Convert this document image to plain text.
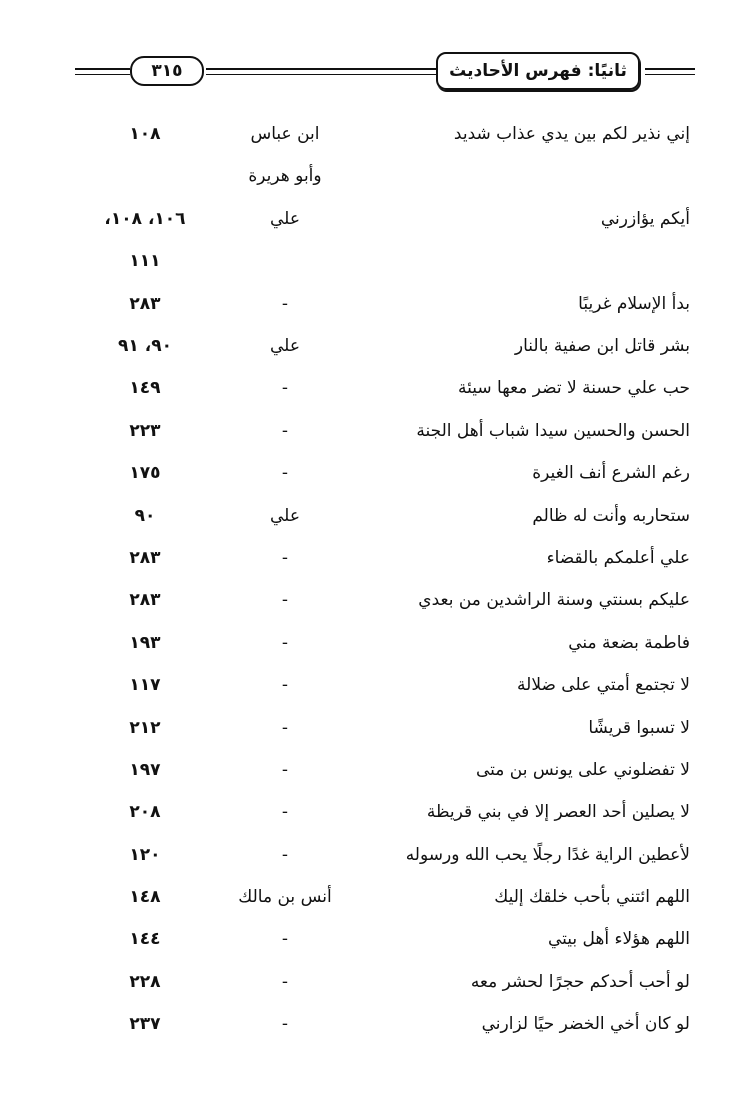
٣١٥	ثانيًا: فهرس الأحاديث
إني نذير لكم بين يدي عذاب شديد
ابن عباس
وأبو هريرة
١٠٨
أيكم يؤازرني
علي
١٠٦، ١٠٨،
١١١
بدأ الإسلام غريبًا
-
٢٨٣
بشر قاتل ابن صفية بالنار
علي
٩٠، ٩١
حب علي حسنة لا تضر معها سيئة
-
١٤٩
الحسن والحسين سيدا شباب أهل الجنة
-
٢٢٣
رغم الشرع أنف الغيرة
-
١٧٥
ستحاربه وأنت له ظالم
علي
٩٠
علي أعلمكم بالقضاء
-
٢٨٣
عليكم بسنتي وسنة الراشدين من بعدي
-
٢٨٣
فاطمة بضعة مني
-
١٩٣
لا تجتمع أمتي على ضلالة
-
١١٧
لا تسبوا قريشًا
-
٢١٢
لا تفضلوني على يونس بن متى
-
١٩٧
لا يصلين أحد العصر إلا في بني قريظة
-
٢٠٨
لأعطين الراية غدًا رجلًا يحب الله ورسوله
-
١٢٠
اللهم ائتني بأحب خلقك إليك
أنس بن مالك
١٤٨
اللهم هؤلاء أهل بيتي
-
١٤٤
لو أحب أحدكم حجرًا لحشر معه
-
٢٢٨
لو كان أخي الخضر حيًا لزارني
-
٢٣٧
